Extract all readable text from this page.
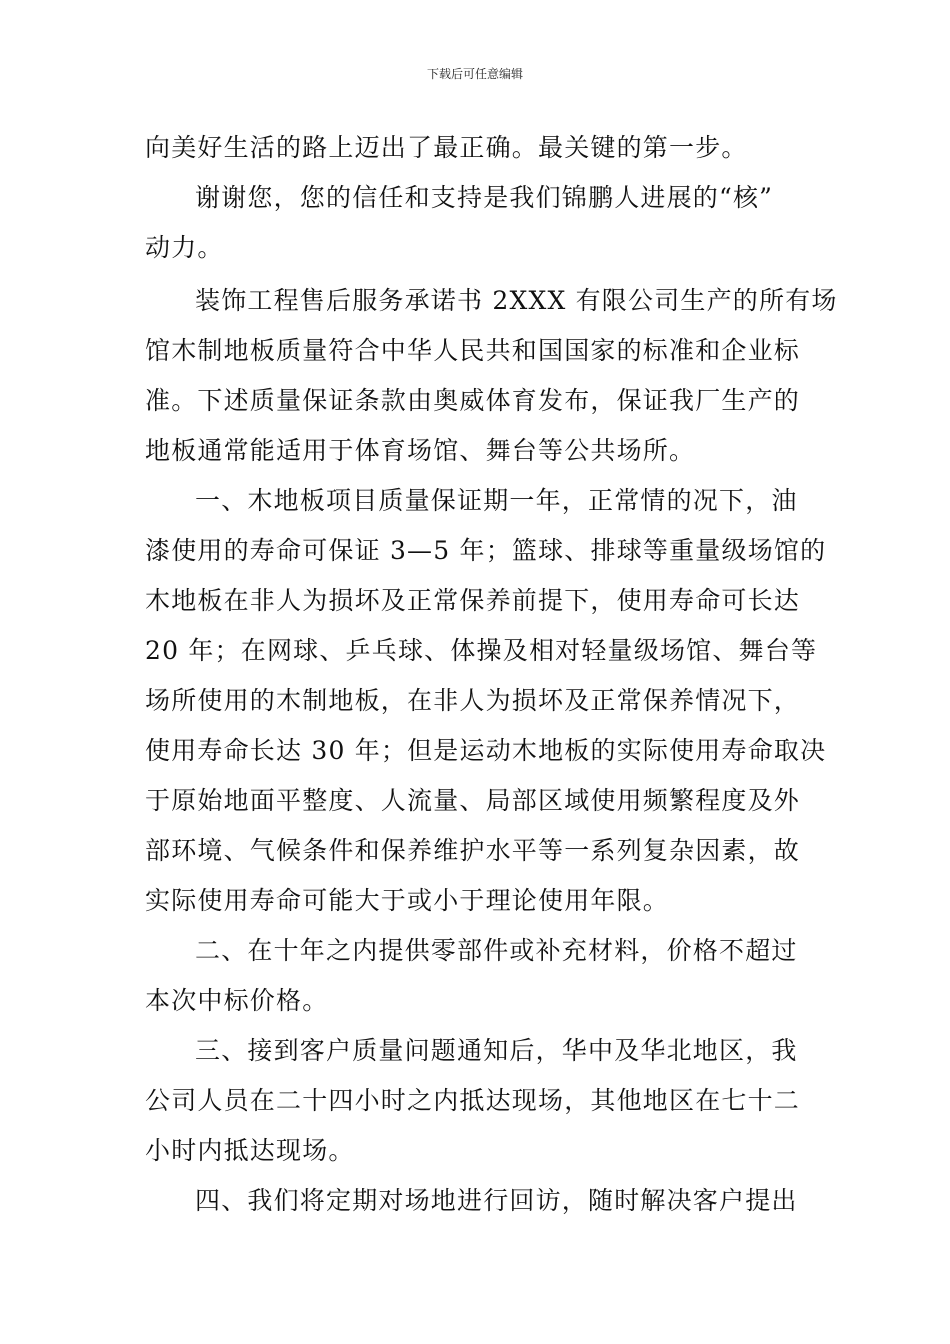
下载后可任意编辑
向美好生活的路上迈出了最正确。最关键的第一步。
谢谢您，您的信任和支持是我们锦鹏人进展的“核”
动力。
装饰工程售后服务承诺书 2XXX 有限公司生产的所有场
馆木制地板质量符合中华人民共和国国家的标准和企业标
准。下述质量保证条款由奥威体育发布，保证我厂生产的
地板通常能适用于体育场馆、舞台等公共场所。
一、木地板项目质量保证期一年，正常情的况下，油
漆使用的寿命可保证 3—5 年；篮球、排球等重量级场馆的
木地板在非人为损坏及正常保养前提下，使用寿命可长达
20 年；在网球、乒乓球、体操及相对轻量级场馆、舞台等
场所使用的木制地板，在非人为损坏及正常保养情况下，
使用寿命长达 30 年；但是运动木地板的实际使用寿命取决
于原始地面平整度、人流量、局部区域使用频繁程度及外
部环境、气候条件和保养维护水平等一系列复杂因素，故
实际使用寿命可能大于或小于理论使用年限。
二、在十年之内提供零部件或补充材料，价格不超过
本次中标价格。
三、接到客户质量问题通知后，华中及华北地区，我
公司人员在二十四小时之内抵达现场，其他地区在七十二
小时内抵达现场。
四、我们将定期对场地进行回访，随时解决客户提出
